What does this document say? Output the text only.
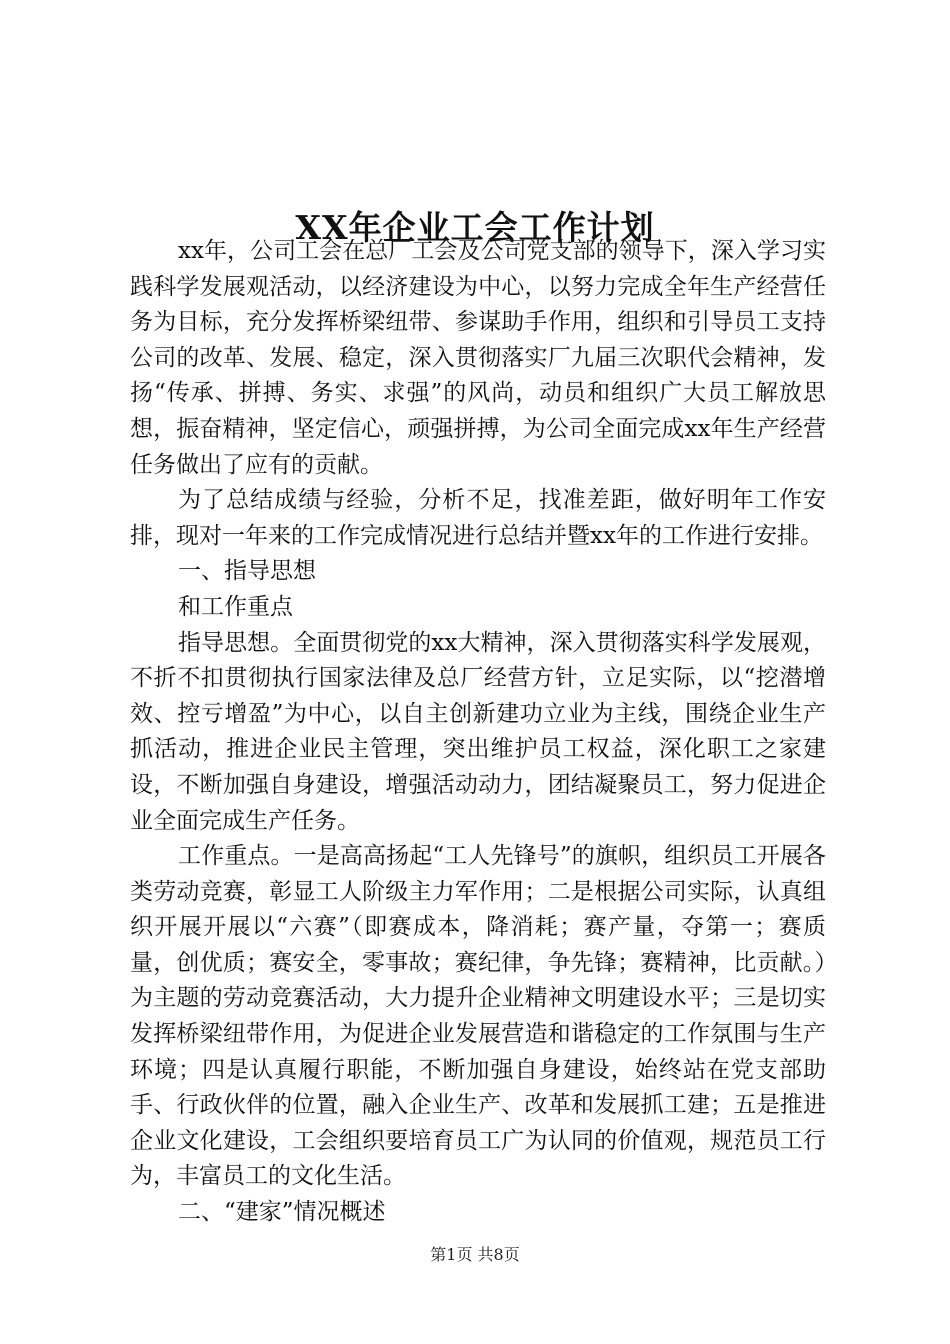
XX年企业工会工作计划

xx年，公司工会在总厂工会及公司党支部的领导下，深入学习实践科学发展观活动，以经济建设为中心，以努力完成全年生产经营任务为目标，充分发挥桥梁纽带、参谋助手作用，组织和引导员工支持公司的改革、发展、稳定，深入贯彻落实厂九届三次职代会精神，发扬“传承、拼搏、务实、求强”的风尚，动员和组织广大员工解放思想，振奋精神，坚定信心，顽强拼搏，为公司全面完成xx年生产经营任务做出了应有的贡献。

为了总结成绩与经验，分析不足，找准差距，做好明年工作安排，现对一年来的工作完成情况进行总结并暨xx年的工作进行安排。

一、指导思想

和工作重点

指导思想。全面贯彻党的xx大精神，深入贯彻落实科学发展观，不折不扣贯彻执行国家法律及总厂经营方针，立足实际，以“挖潜增效、控亏增盈”为中心，以自主创新建功立业为主线，围绕企业生产抓活动，推进企业民主管理，突出维护员工权益，深化职工之家建设，不断加强自身建设，增强活动动力，团结凝聚员工，努力促进企业全面完成生产任务。

工作重点。一是高高扬起“工人先锋号”的旗帜，组织员工开展各类劳动竞赛，彰显工人阶级主力军作用；二是根据公司实际，认真组织开展开展以“六赛”（即赛成本，降消耗；赛产量，夺第一；赛质量，创优质；赛安全，零事故；赛纪律，争先锋；赛精神，比贡献。）为主题的劳动竞赛活动，大力提升企业精神文明建设水平；三是切实发挥桥梁纽带作用，为促进企业发展营造和谐稳定的工作氛围与生产环境；四是认真履行职能，不断加强自身建设，始终站在党支部助手、行政伙伴的位置，融入企业生产、改革和发展抓工建；五是推进企业文化建设，工会组织要培育员工广为认同的价值观，规范员工行为，丰富员工的文化生活。

二、“建家”情况概述

第1页 共8页
